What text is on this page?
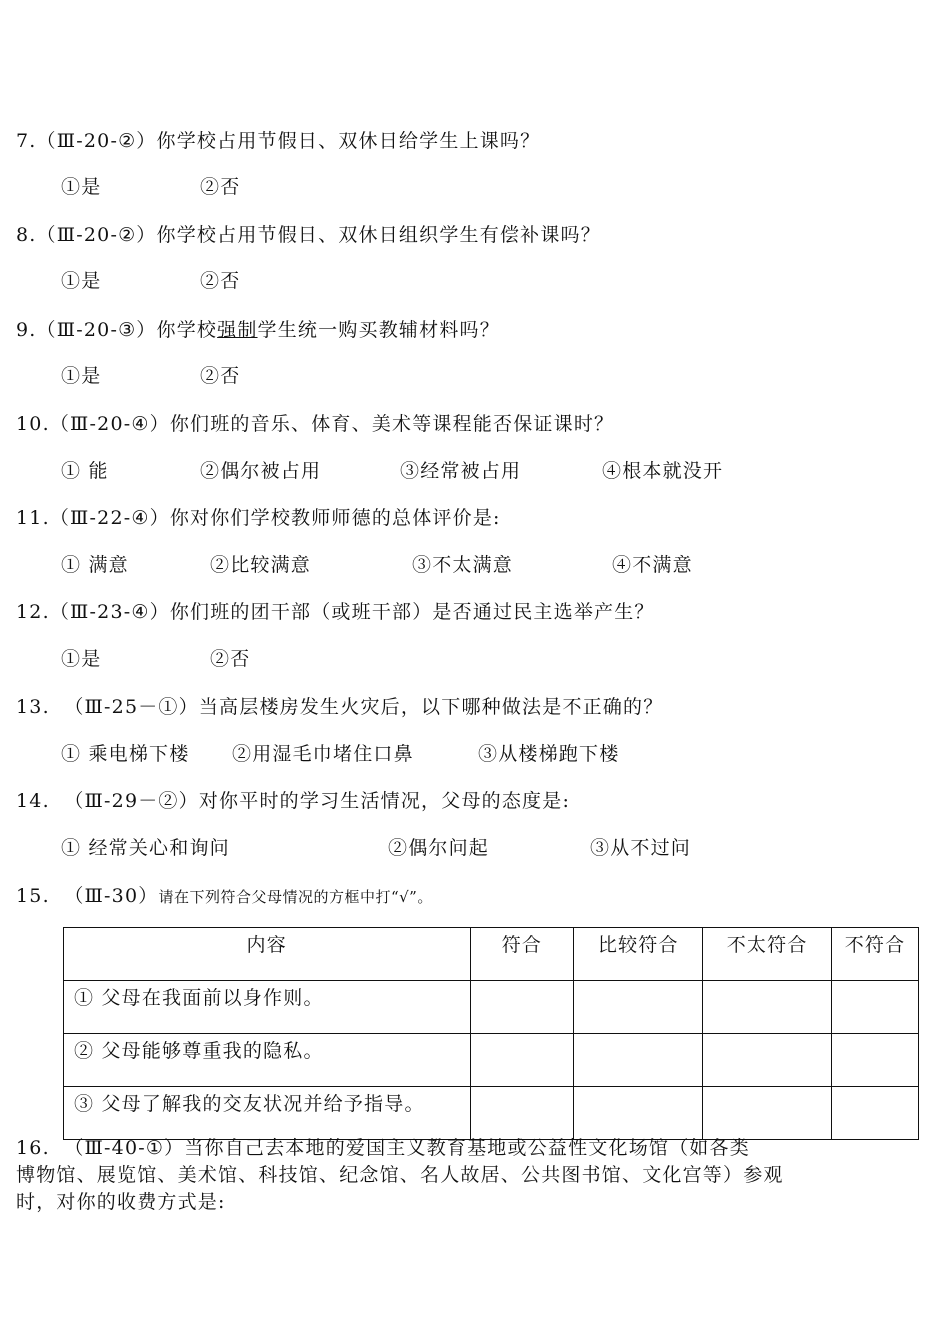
7.（Ⅲ-20-②）你学校占用节假日、双休日给学生上课吗？
①是	②否
8.（Ⅲ-20-②）你学校占用节假日、双休日组织学生有偿补课吗？
①是	②否
9.（Ⅲ-20-③）你学校强制学生统一购买教辅材料吗？
①是	②否
10.（Ⅲ-20-④）你们班的音乐、体育、美术等课程能否保证课时？
① 能	②偶尔被占用	③经常被占用	④根本就没开
11.（Ⅲ-22-④）你对你们学校教师师德的总体评价是:
① 满意	②比较满意	③不太满意	④不满意
12.（Ⅲ-23-④）你们班的团干部（或班干部）是否通过民主选举产生？
①是	②否
13. （Ⅲ-25－①）当高层楼房发生火灾后，以下哪种做法是不正确的？
① 乘电梯下楼 ②用湿毛巾堵住口鼻	③从楼梯跑下楼
14. （Ⅲ-29－②）对你平时的学习生活情况，父母的态度是:
① 经常关心和询问	②偶尔问起	③从不过问
15. （Ⅲ-30）请在下列符合父母情况的方框中打“√”。
内容	符合	比较符合	不太符合	不符合
① 父母在我面前以身作则。				
② 父母能够尊重我的隐私。				
③ 父母了解我的交友状况并给予指导。				
16. （Ⅲ-40-①）当你自己去本地的爱国主义教育基地或公益性文化场馆（如各类
博物馆、展览馆、美术馆、科技馆、纪念馆、名人故居、公共图书馆、文化宫等）参观
时，对你的收费方式是:
